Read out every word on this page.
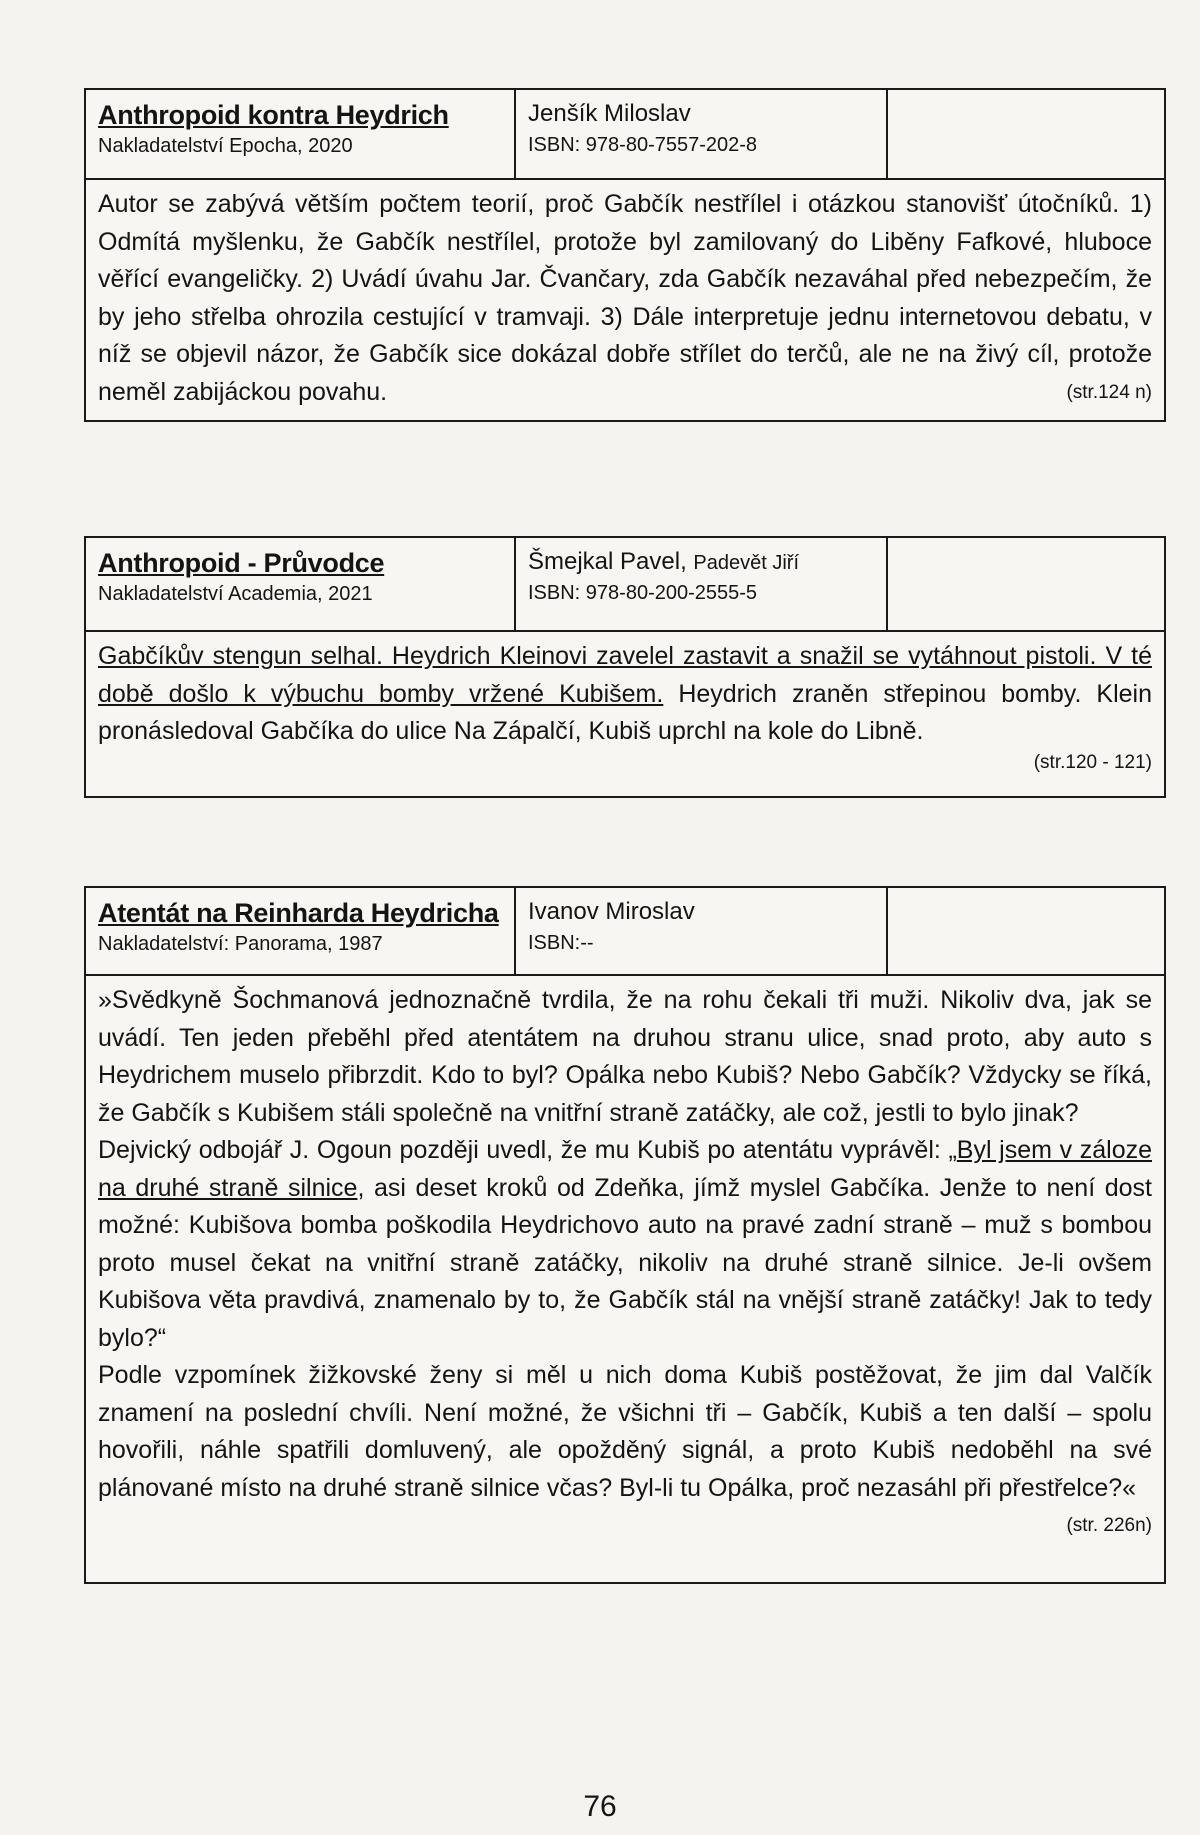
Anthropoid kontra Heydrich
Nakladatelství Epocha, 2020
Jenšík Miloslav
ISBN: 978-80-7557-202-8

Autor se zabývá větším počtem teorií, proč Gabčík nestřílel i otázkou stanovišť útočníků. 1) Odmítá myšlenku, že Gabčík nestřílel, protože byl zamilovaný do Liběny Fafkové, hluboce věřící evangeličky. 2) Uvádí úvahu Jar. Čvančary, zda Gabčík nezaváhal před nebezpečím, že by jeho střelba ohrozila cestující v tramvaji. 3) Dále interpretuje jednu internetovou debatu, v níž se objevil názor, že Gabčík sice dokázal dobře střílet do terčů, ale ne na živý cíl, protože neměl zabijáckou povahu.	(str.124 n)

Anthropoid - Průvodce
Nakladatelství Academia, 2021
Šmejkal Pavel, Padevět Jiří
ISBN: 978-80-200-2555-5

Gabčíkův stengun selhal. Heydrich Kleinovi zavelel zastavit a snažil se vytáhnout pistoli. V té době došlo k výbuchu bomby vržené Kubišem. Heydrich zraněn střepinou bomby. Klein pronásledoval Gabčíka do ulice Na Zápalčí, Kubiš uprchl na kole do Libně.

(str.120 - 121)
Atentát na Reinharda Heydricha
Nakladatelství: Panorama, 1987
Ivanov Miroslav
ISBN:--

»Svědkyně Šochmanová jednoznačně tvrdila, že na rohu čekali tři muži. Nikoliv dva, jak se uvádí. Ten jeden přeběhl před atentátem na druhou stranu ulice, snad proto, aby auto s Heydrichem muselo přibrzdit. Kdo to byl? Opálka nebo Kubiš? Nebo Gabčík? Vždycky se říká, že Gabčík s Kubišem stáli společně na vnitřní straně zatáčky, ale což, jestli to bylo jinak?

Dejvický odbojář J. Ogoun později uvedl, že mu Kubiš po atentátu vyprávěl: „Byl jsem v záloze na druhé straně silnice, asi deset kroků od Zdeňka, jímž myslel Gabčíka. Jenže to není dost možné: Kubišova bomba poškodila Heydrichovo auto na pravé zadní straně – muž s bombou proto musel čekat na vnitřní straně zatáčky, nikoliv na druhé straně silnice. Je-li ovšem Kubišova věta pravdivá, znamenalo by to, že Gabčík stál na vnější straně zatáčky! Jak to tedy bylo?“

Podle vzpomínek žižkovské ženy si měl u nich doma Kubiš postěžovat, že jim dal Valčík znamení na poslední chvíli. Není možné, že všichni tři – Gabčík, Kubiš a ten další – spolu hovořili, náhle spatřili domluvený, ale opožděný signál, a proto Kubiš nedoběhl na své plánované místo na druhé straně silnice včas? Byl-li tu Opálka, proč nezasáhl při přestřelce?«
(str. 226n)

76
